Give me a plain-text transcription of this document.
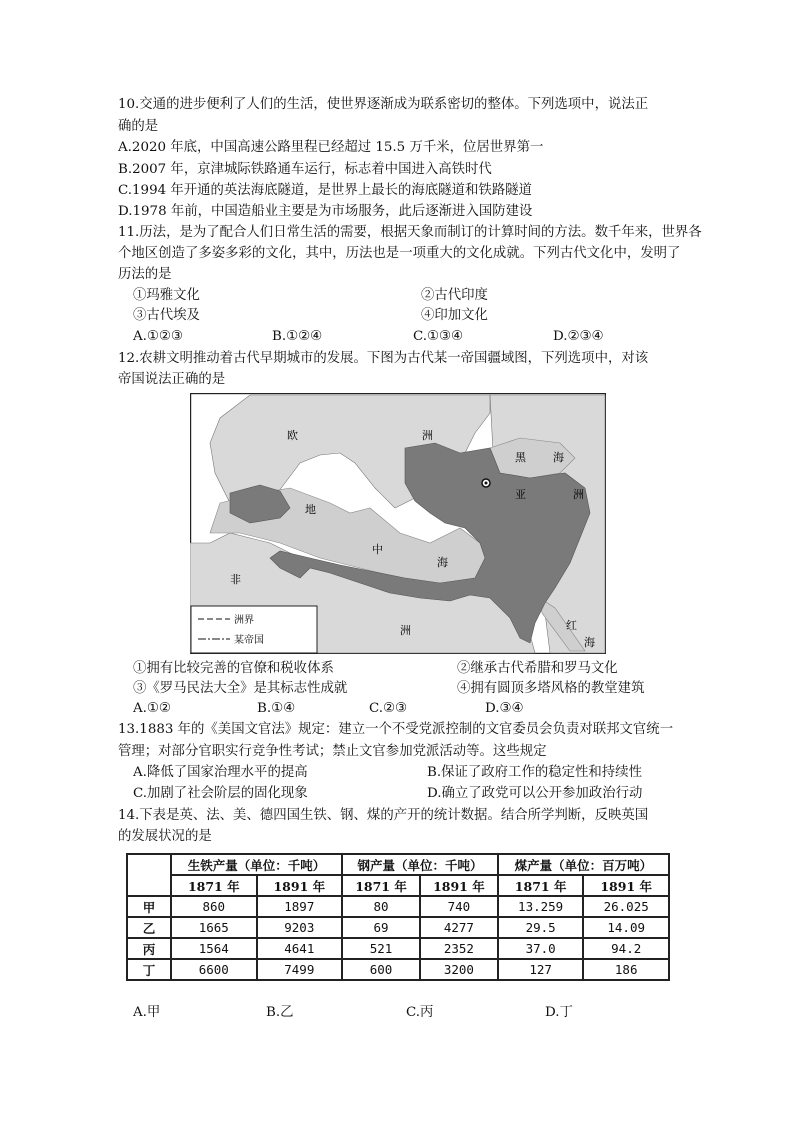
10.交通的进步便利了人们的生活，使世界逐渐成为联系密切的整体。下列选项中，说法正
确的是
A.2020 年底，中国高速公路里程已经超过 15.5 万千米，位居世界第一
B.2007 年，京津城际铁路通车运行，标志着中国进入高铁时代
C.1994 年开通的英法海底隧道，是世界上最长的海底隧道和铁路隧道
D.1978 年前，中国造船业主要是为市场服务，此后逐渐进入国防建设
11.历法，是为了配合人们日常生活的需要，根据天象而制订的计算时间的方法。数千年来，世界各
个地区创造了多姿多彩的文化，其中，历法也是一项重大的文化成就。下列古代文化中，发明了
历法的是
①玛雅文化	②古代印度
③古代埃及	④印加文化
A.①②③	B.①②④	C.①③④	D.②③④
12.农耕文明推动着古代早期城市的发展。下图为古代某一帝国疆域图，下列选项中，对该
帝国说法正确的是
欧	洲
黑 海
亚	洲
地
中
海
非
洲	红
海
洲界
某帝国
①拥有比较完善的官僚和税收体系	②继承古代希腊和罗马文化
③《罗马民法大全》是其标志性成就	④拥有圆顶多塔风格的教堂建筑
A.①②	B.①④	C.②③	D.③④
13.1883 年的《美国文官法》规定：建立一个不受党派控制的文官委员会负责对联邦文官统一
管理；对部分官职实行竞争性考试；禁止文官参加党派活动等。这些规定
A.降低了国家治理水平的提高	B.保证了政府工作的稳定性和持续性
C.加剧了社会阶层的固化现象	D.确立了政党可以公开参加政治行动
14.下表是英、法、美、德四国生铁、钢、煤的产开的统计数据。结合所学判断，反映英国
的发展状况的是
	生铁产量（单位：千吨）		钢产量（单位：千吨）		煤产量（单位：百万吨）	
	1871 年	1891 年	1871 年	1891 年	1871 年	1891 年
甲	860	1897	80	740	13.259	26.025
乙	1665	9203	69	4277	29.5	14.09
丙	1564	4641	521	2352	37.0	94.2
丁	6600	7499	600	3200	127	186
A.甲	B.乙	C.丙	D.丁
